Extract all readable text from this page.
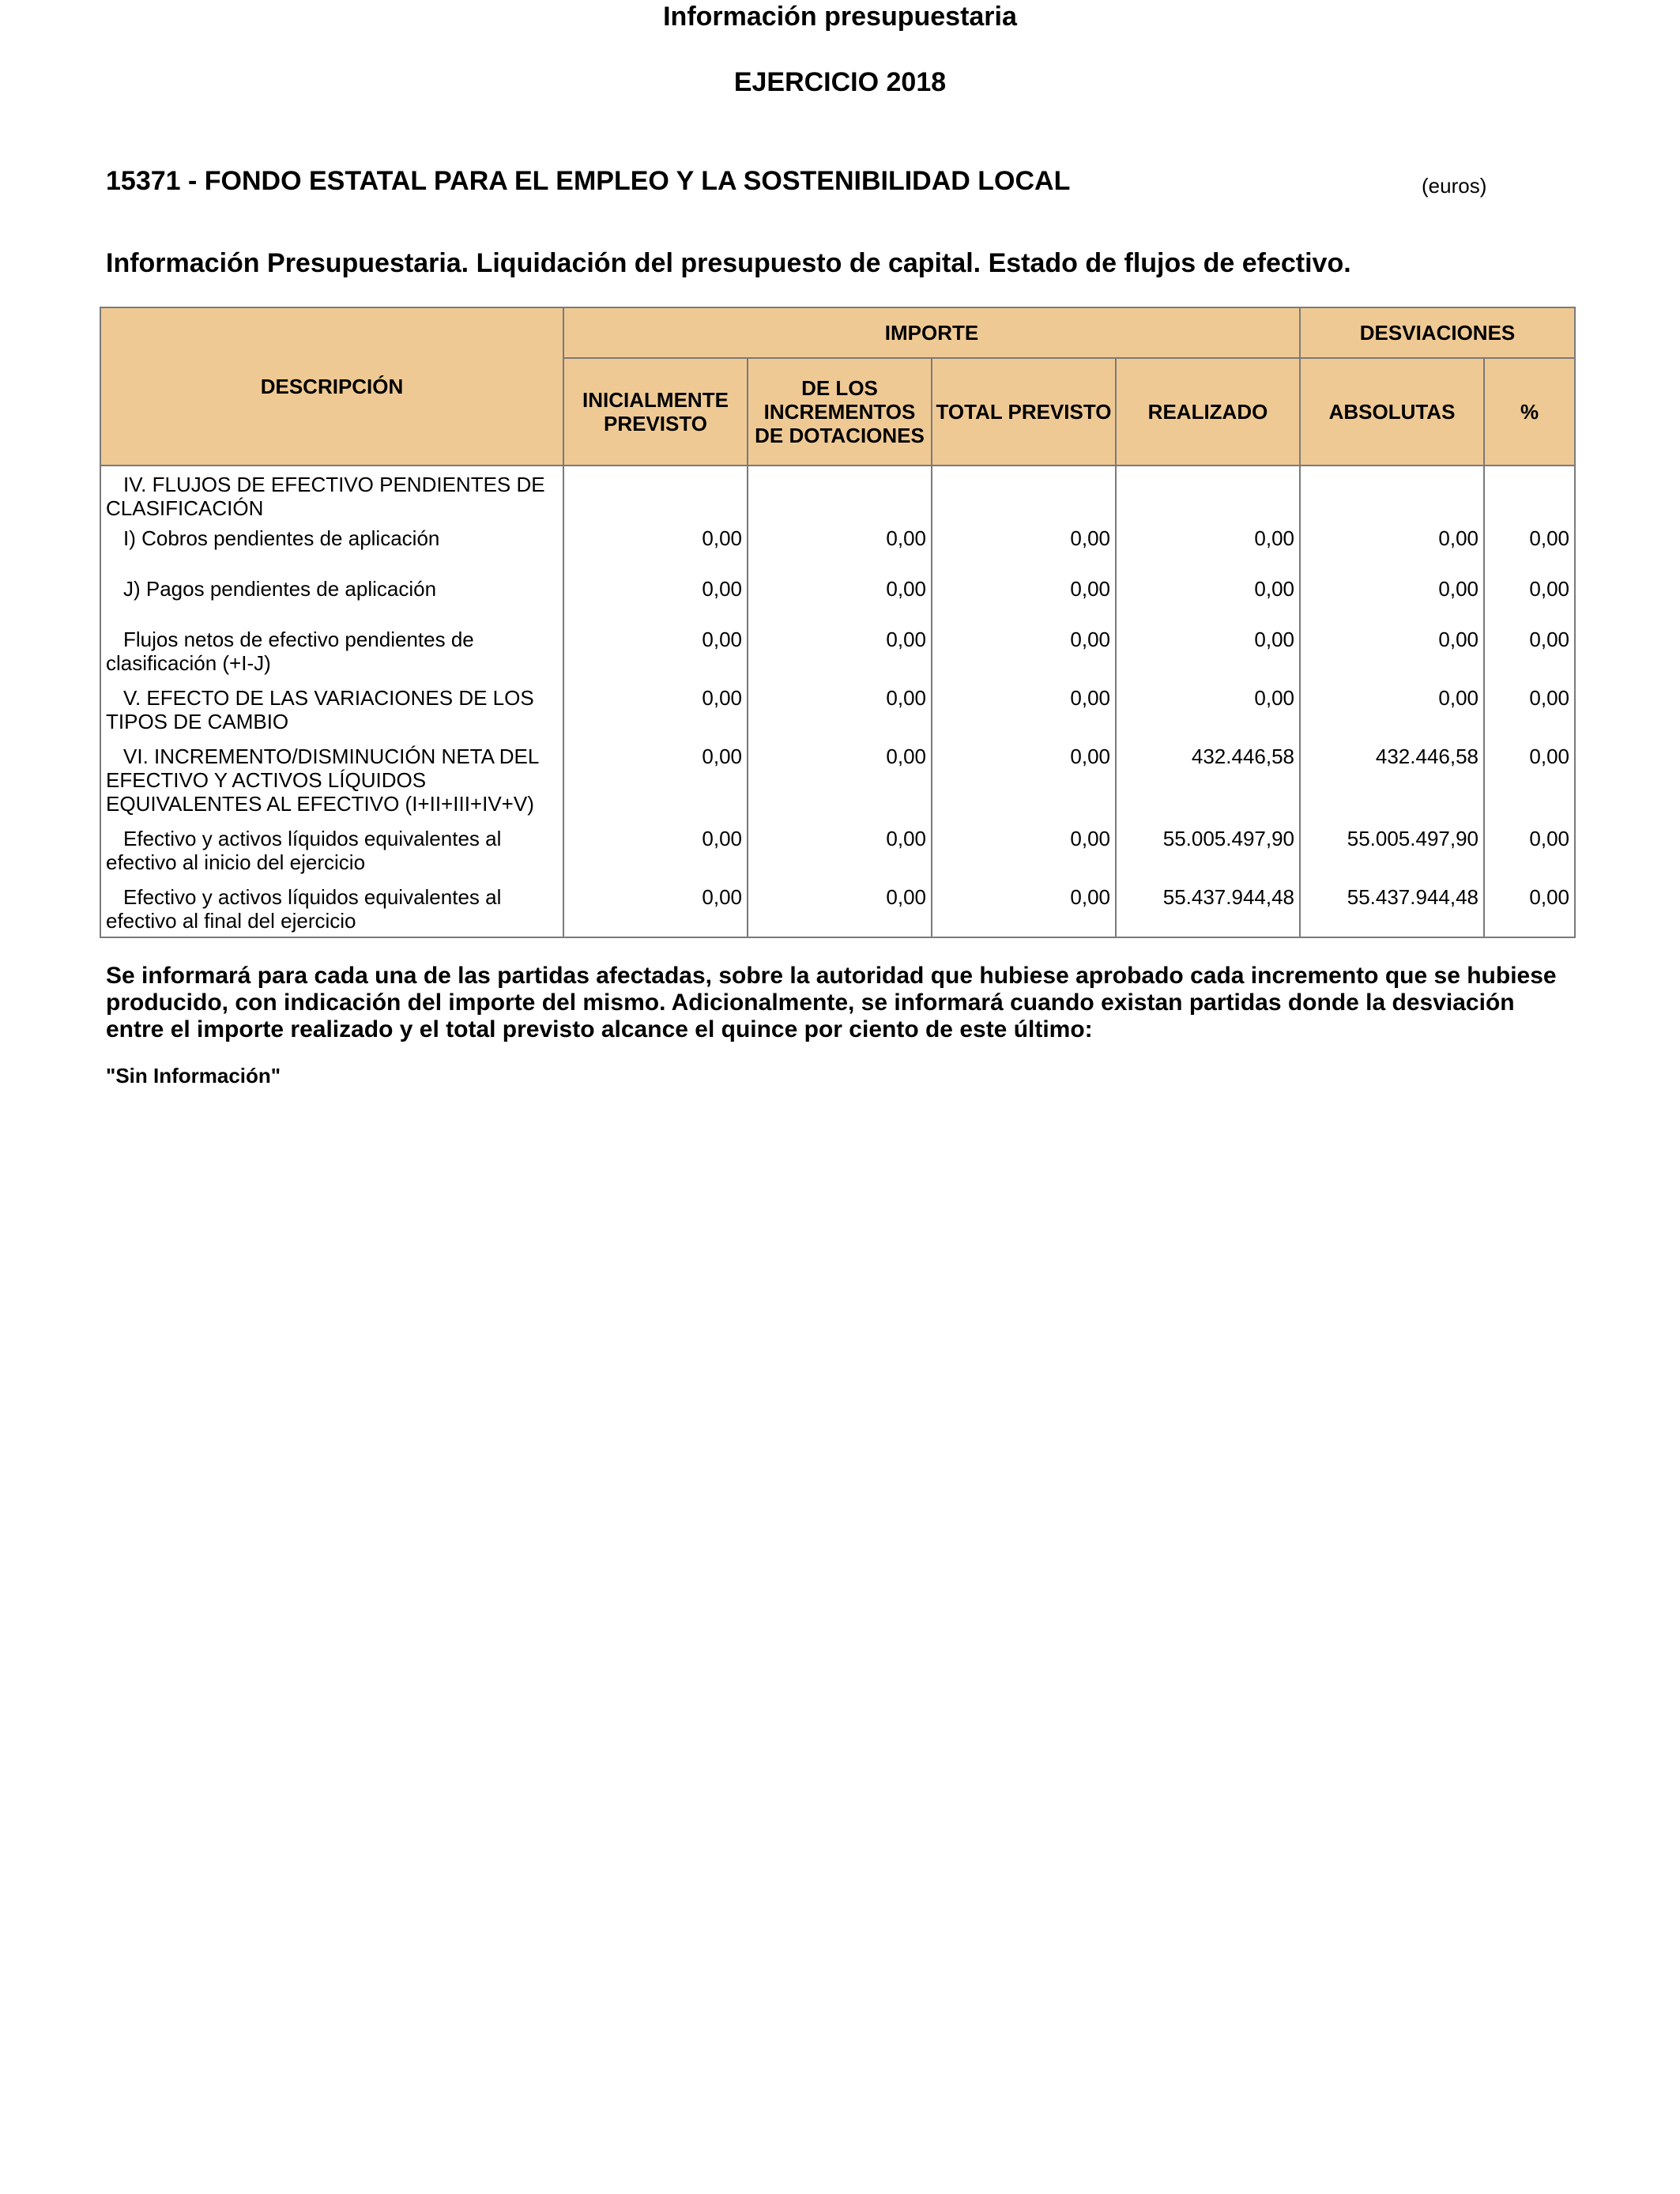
Información presupuestaria
EJERCICIO 2018
15371 - FONDO ESTATAL PARA EL EMPLEO Y LA SOSTENIBILIDAD LOCAL	(euros)
Información Presupuestaria. Liquidación del presupuesto de capital. Estado de flujos de efectivo.
DESCRIPCIÓN	IMPORTE				DESVIACIONES	
	INICIALMENTE PREVISTO	DE LOS INCREMENTOS DE DOTACIONES	TOTAL PREVISTO	REALIZADO	ABSOLUTAS	%
IV. FLUJOS DE EFECTIVO PENDIENTES DE CLASIFICACIÓN						
I) Cobros pendientes de aplicación	0,00	0,00	0,00	0,00	0,00	0,00
J) Pagos pendientes de aplicación	0,00	0,00	0,00	0,00	0,00	0,00
Flujos netos de efectivo pendientes de clasificación (+I-J)	0,00	0,00	0,00	0,00	0,00	0,00
V. EFECTO DE LAS VARIACIONES DE LOS TIPOS DE CAMBIO	0,00	0,00	0,00	0,00	0,00	0,00
VI. INCREMENTO/DISMINUCIÓN NETA DEL EFECTIVO Y ACTIVOS LÍQUIDOS EQUIVALENTES AL EFECTIVO (I+II+III+IV+V)	0,00	0,00	0,00	432.446,58	432.446,58	0,00
Efectivo y activos líquidos equivalentes al efectivo al inicio del ejercicio	0,00	0,00	0,00	55.005.497,90	55.005.497,90	0,00
Efectivo y activos líquidos equivalentes al efectivo al final del ejercicio	0,00	0,00	0,00	55.437.944,48	55.437.944,48	0,00

Se informará para cada una de las partidas afectadas, sobre la autoridad que hubiese aprobado cada incremento que se hubiese producido, con indicación del importe del mismo. Adicionalmente, se informará cuando existan partidas donde la desviación entre el importe realizado y el total previsto alcance el quince por ciento de este último:

"Sin Información"
